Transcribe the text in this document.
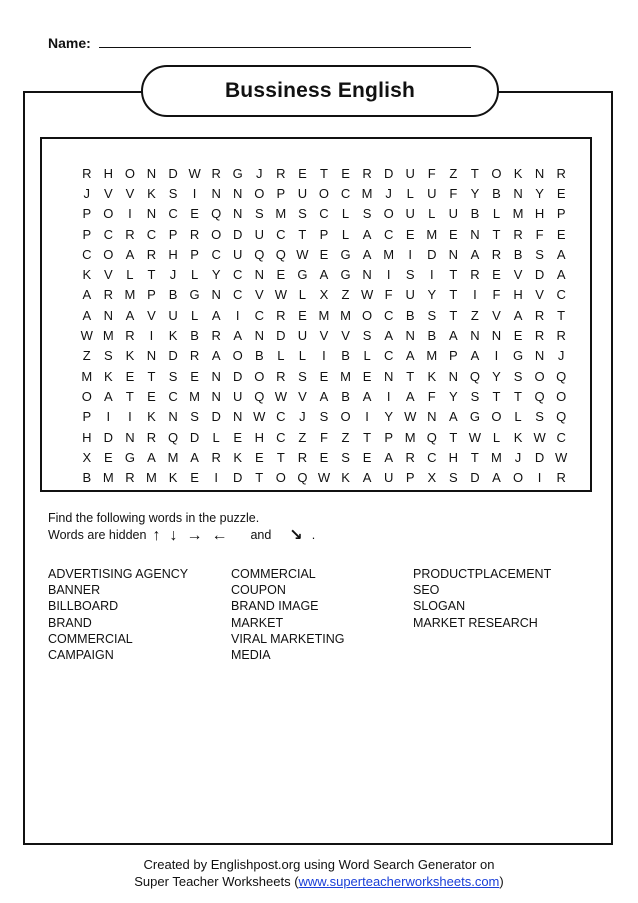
Name:
Bussiness English
R H O N D W R G	J	R E	T	E R D U F	Z	T O K N R
J	V V K S	I	N N O P U O C M J	L	U F	Y B N Y E
P O	I	N C E Q N S M S C	L	S O U	L	U B	L M H P
P C R C P R O D U C T	P	L	A C E M E N T R F	E
C O A R H P C U Q Q W E G A M	I	D N A R B S A
K V	L	T	J	L	Y C N E G A G N	I	S	I	T R E V D A
A R M P B G N C V W L	X	Z W F U Y	T	I	F H V C
A N A V U	L	A	I	C R E M M O C B S	T	Z	V A R T
W M R	I	K B R A N D U V V S A N B A N N E R R
Z	S K N D R A O B	L	L	I	B	L	C A M P A	I	G N	J
M K E	T	S E N D O R S E M E N T	K N Q Y S O Q
O A	T	E C M N U Q W V A B A	I	A	F	Y S	T	T Q O
P	I	I	K N S D N W C	J	S O	I	Y W N A G O L	S Q
H D N R Q D	L	E H C Z	F	Z	T	P M Q T W L	K W C
X E G A M A R K E	T R E S E A R C H T M J	D W
B M R M K E	I	D T O Q W K A U P X S D A O	I	R
Find the following words in the puzzle.
Words are hidden ↑ ↓ → ← and ↘ .
ADVERTISING AGENCY
BANNER
BILLBOARD
BRAND
COMMERCIAL
CAMPAIGN
COMMERCIAL
COUPON
BRAND IMAGE
MARKET
VIRAL MARKETING
MEDIA
PRODUCTPLACEMENT
SEO
SLOGAN
MARKET RESEARCH
Created by Englishpost.org using Word Search Generator on
Super Teacher Worksheets (www.superteacherworksheets.com)
